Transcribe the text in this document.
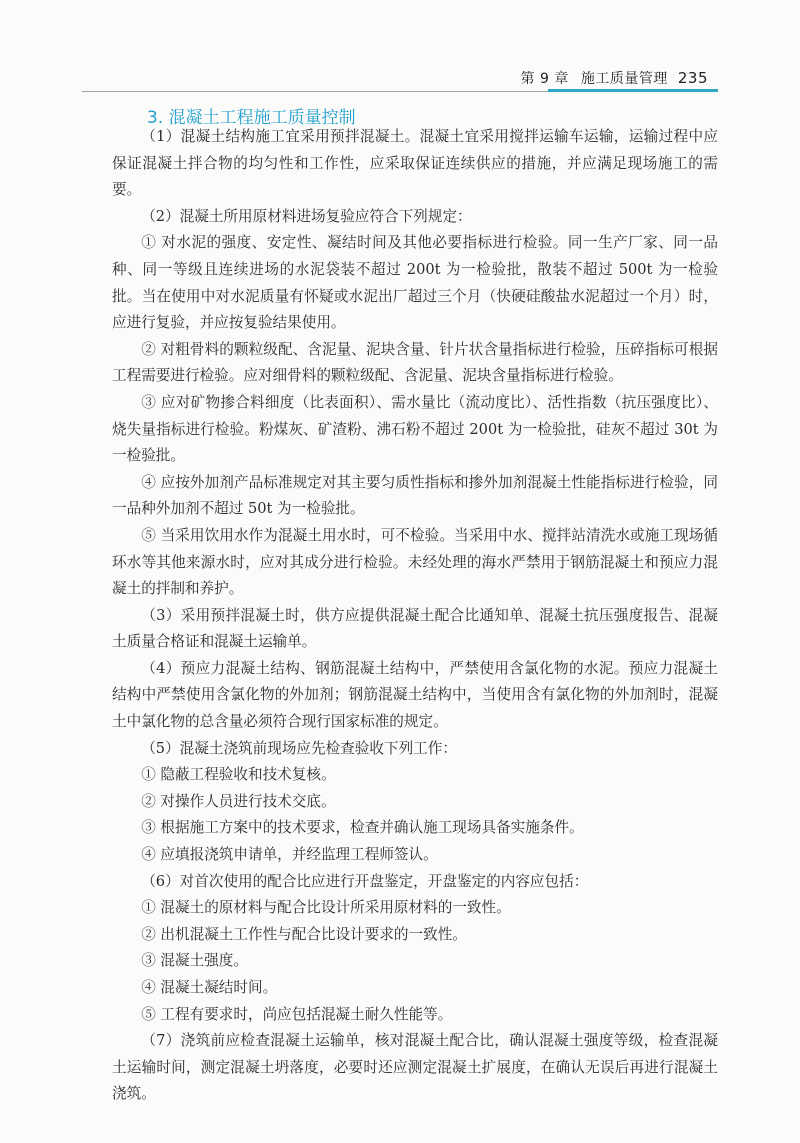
第 9 章 施工质量管理 235
3. 混凝土工程施工质量控制

（1）混凝土结构施工宜采用预拌混凝土。混凝土宜采用搅拌运输车运输，运输过程中应保证混凝土拌合物的均匀性和工作性，应采取保证连续供应的措施，并应满足现场施工的需要。

（2）混凝土所用原材料进场复验应符合下列规定：

① 对水泥的强度、安定性、凝结时间及其他必要指标进行检验。同一生产厂家、同一品种、同一等级且连续进场的水泥袋装不超过 200t 为一检验批，散装不超过 500t 为一检验批。当在使用中对水泥质量有怀疑或水泥出厂超过三个月（快硬硅酸盐水泥超过一个月）时，应进行复验，并应按复验结果使用。

② 对粗骨料的颗粒级配、含泥量、泥块含量、针片状含量指标进行检验，压碎指标可根据工程需要进行检验。应对细骨料的颗粒级配、含泥量、泥块含量指标进行检验。

③ 应对矿物掺合料细度（比表面积）、需水量比（流动度比）、活性指数（抗压强度比）、烧失量指标进行检验。粉煤灰、矿渣粉、沸石粉不超过 200t 为一检验批，硅灰不超过 30t 为一检验批。

④ 应按外加剂产品标准规定对其主要匀质性指标和掺外加剂混凝土性能指标进行检验，同一品种外加剂不超过 50t 为一检验批。

⑤ 当采用饮用水作为混凝土用水时，可不检验。当采用中水、搅拌站清洗水或施工现场循环水等其他来源水时，应对其成分进行检验。未经处理的海水严禁用于钢筋混凝土和预应力混凝土的拌制和养护。

（3）采用预拌混凝土时，供方应提供混凝土配合比通知单、混凝土抗压强度报告、混凝土质量合格证和混凝土运输单。

（4）预应力混凝土结构、钢筋混凝土结构中，严禁使用含氯化物的水泥。预应力混凝土结构中严禁使用含氯化物的外加剂；钢筋混凝土结构中，当使用含有氯化物的外加剂时，混凝土中氯化物的总含量必须符合现行国家标准的规定。

（5）混凝土浇筑前现场应先检查验收下列工作：

① 隐蔽工程验收和技术复核。

② 对操作人员进行技术交底。

③ 根据施工方案中的技术要求，检查并确认施工现场具备实施条件。

④ 应填报浇筑申请单，并经监理工程师签认。

（6）对首次使用的配合比应进行开盘鉴定，开盘鉴定的内容应包括：

① 混凝土的原材料与配合比设计所采用原材料的一致性。

② 出机混凝土工作性与配合比设计要求的一致性。

③ 混凝土强度。

④ 混凝土凝结时间。

⑤ 工程有要求时，尚应包括混凝土耐久性能等。

（7）浇筑前应检查混凝土运输单，核对混凝土配合比，确认混凝土强度等级，检查混凝土运输时间，测定混凝土坍落度，必要时还应测定混凝土扩展度，在确认无误后再进行混凝土浇筑。
